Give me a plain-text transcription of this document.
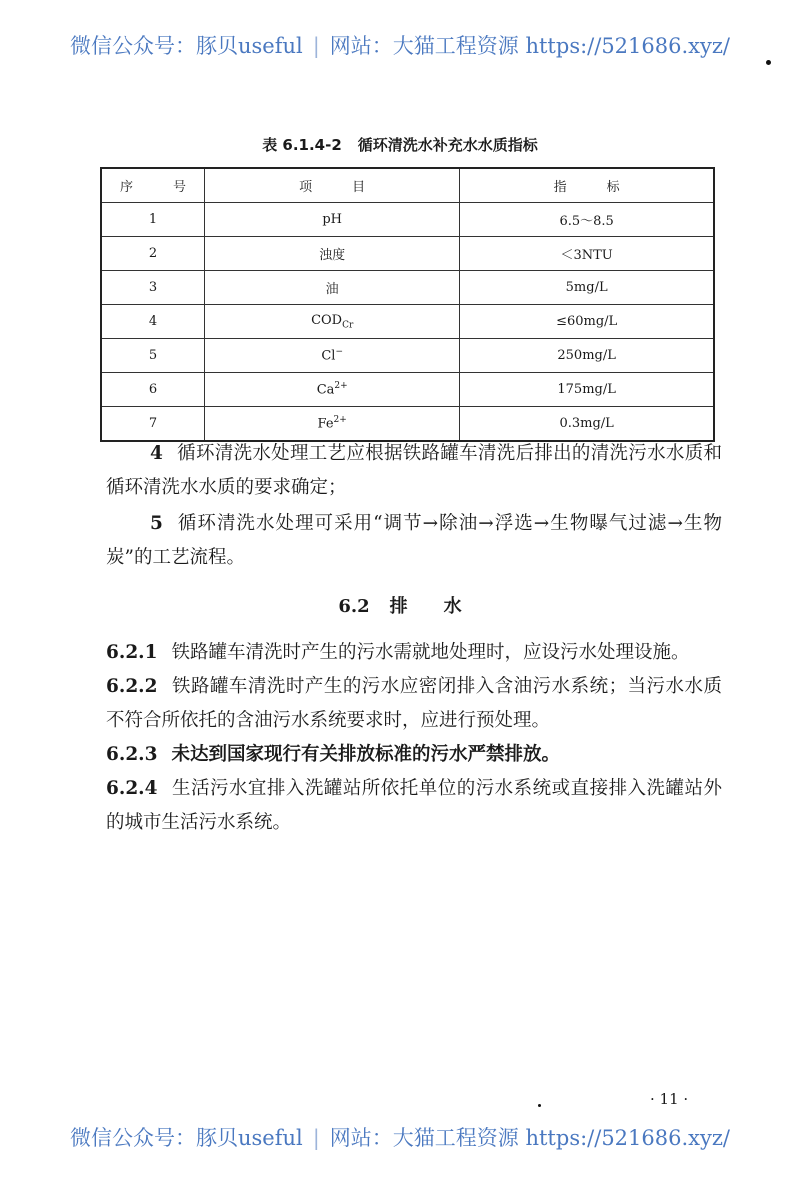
微信公众号：豚贝useful | 网站：大猫工程资源 https://521686.xyz/
表 6.1.4-2 循环清洗水补充水水质指标
序号	项目	指标
1	pH	6.5～8.5
2	浊度	＜3NTU
3	油	5mg/L
4	$COD_{Cr}$	≤60mg/L
5	Cl−	250mg/L
6	$Ca^{2+}$	175mg/L
7	$Fe^{2+}$	0.3mg/L

4 循环清洗水处理工艺应根据铁路罐车清洗后排出的清洗污水水质和循环清洗水水质的要求确定；

5 循环清洗水处理可采用“调节→除油→浮选→生物曝气过滤→生物炭”的工艺流程。

6.2 排水

6.2.1 铁路罐车清洗时产生的污水需就地处理时，应设污水处理设施。

6.2.2 铁路罐车清洗时产生的污水应密闭排入含油污水系统；当污水水质不符合所依托的含油污水系统要求时，应进行预处理。

6.2.3 未达到国家现行有关排放标准的污水严禁排放。

6.2.4 生活污水宜排入洗罐站所依托单位的污水系统或直接排入洗罐站外的城市生活污水系统。

· 11 ·
微信公众号：豚贝useful | 网站：大猫工程资源 https://521686.xyz/
